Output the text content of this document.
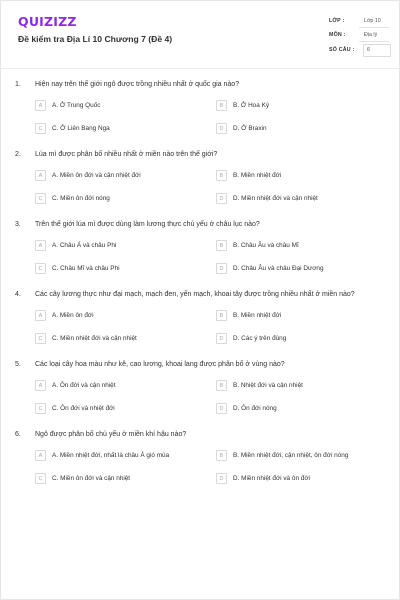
QUIZIZZ
Đề kiểm tra Địa Lí 10 Chương 7 (Đề 4)
LỚP :	Lớp 10
MÔN :	Địa lý
SỐ CÂU : 6
1. Hiện nay trên thế giới ngô được trồng nhiều nhất ở quốc gia nào?
A	A. Ở Trung Quốc	B	B. Ở Hoa Kỳ
C	C. Ở Liên Bang Nga	D	D. Ở Braxin
2. Lúa mì được phân bố nhiều nhất ở miền nào trên thế giới?
A	A. Miền ôn đới và cận nhiệt đới	B	B. Miền nhiệt đới
C	C. Miền ôn đới nóng	D	D. Miền nhiệt đới và cận nhiệt
3. Trên thế giới lúa mì được dùng làm lương thực chủ yếu ở châu lục nào?
A	A. Châu Á và châu Phi	B	B. Châu Âu và châu Mĩ
C	C. Châu Mĩ và châu Phi	D	D. Châu Âu và châu Đại Dương
4. Các cây lương thực như đại mạch, mạch đen, yến mạch, khoai tây được trồng nhiều nhất ở miền nào?
A	A. Miền ôn đới	B	B. Miền nhiệt đới
C	C. Miền nhiệt đới và cận nhiệt	D	D. Các ý trên đúng
5. Các loại cây hoa màu như kê, cao lương, khoai lang được phân bố ở vùng nào?
A	A. Ôn đới và cận nhiệt	B	B. Nhiệt đới và cận nhiệt
C	C. Ôn đới và nhiệt đới	D	D. Ôn đới nóng
6. Ngô được phân bố chủ yếu ở miền khí hậu nào?
A	A. Miền nhiệt đới, nhất là châu Á gió mùa	B	B. Miền nhiệt đới, cận nhiệt, ôn đới nóng
C	C. Miền ôn đới và cận nhiệt	D	D. Miền nhiệt đới và ôn đới
